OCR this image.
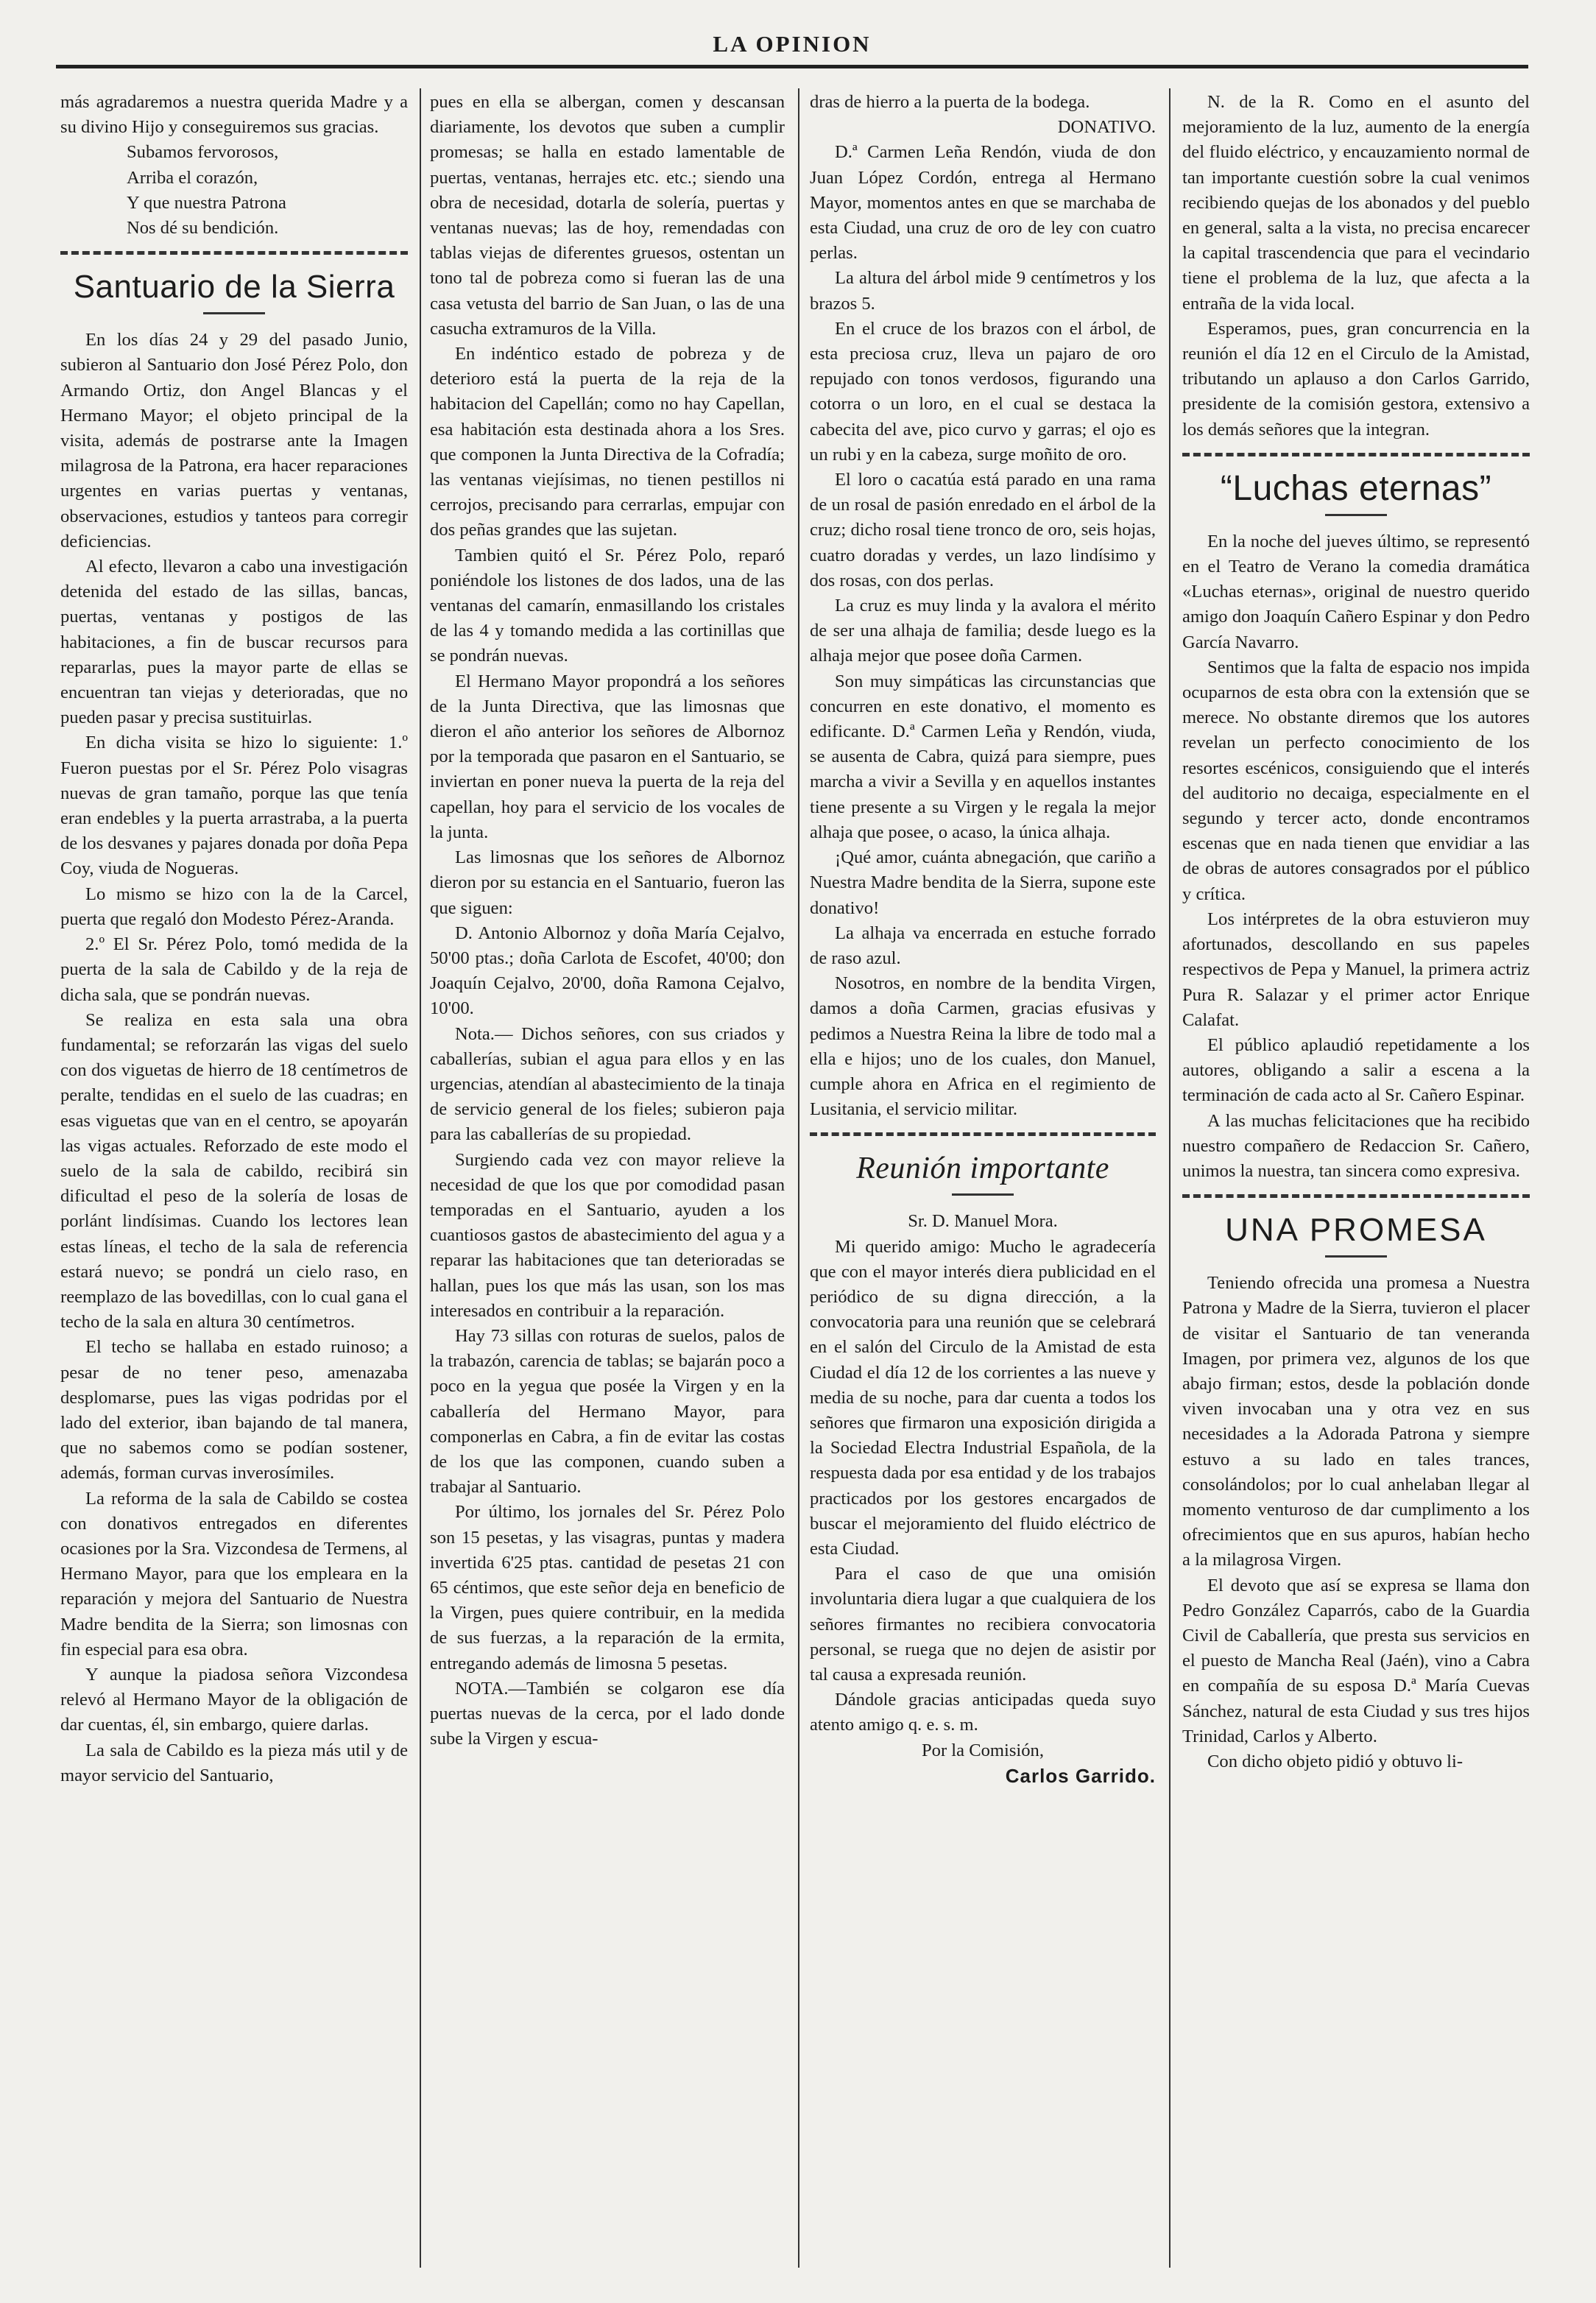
LA OPINION

más agradaremos a nuestra querida Madre y a su divino Hijo y conseguiremos sus gracias.

Subamos fervorosos,

Arriba el corazón,

Y que nuestra Patrona

Nos dé su bendición.

Santuario de la Sierra

En los días 24 y 29 del pasado Junio, subieron al Santuario don José Pérez Polo, don Armando Ortiz, don Angel Blancas y el Hermano Mayor; el objeto principal de la visita, además de postrarse ante la Imagen milagrosa de la Patrona, era hacer reparaciones urgentes en varias puertas y ventanas, observaciones, estudios y tanteos para corregir deficiencias.

Al efecto, llevaron a cabo una investigación detenida del estado de las sillas, bancas, puertas, ventanas y postigos de las habitaciones, a fin de buscar recursos para repararlas, pues la mayor parte de ellas se encuentran tan viejas y deterioradas, que no pueden pasar y precisa sustituirlas.

En dicha visita se hizo lo siguiente: 1.º Fueron puestas por el Sr. Pérez Polo visagras nuevas de gran tamaño, porque las que tenía eran endebles y la puerta arrastraba, a la puerta de los desvanes y pajares donada por doña Pepa Coy, viuda de Nogueras.

Lo mismo se hizo con la de la Carcel, puerta que regaló don Modesto Pérez-Aranda.

2.º El Sr. Pérez Polo, tomó medida de la puerta de la sala de Cabildo y de la reja de dicha sala, que se pondrán nuevas.

Se realiza en esta sala una obra fundamental; se reforzarán las vigas del suelo con dos viguetas de hierro de 18 centímetros de peralte, tendidas en el suelo de las cuadras; en esas viguetas que van en el centro, se apoyarán las vigas actuales. Reforzado de este modo el suelo de la sala de cabildo, recibirá sin dificultad el peso de la solería de losas de porlánt lindísimas. Cuando los lectores lean estas líneas, el techo de la sala de referencia estará nuevo; se pondrá un cielo raso, en reemplazo de las bovedillas, con lo cual gana el techo de la sala en altura 30 centímetros.

El techo se hallaba en estado ruinoso; a pesar de no tener peso, amenazaba desplomarse, pues las vigas podridas por el lado del exterior, iban bajando de tal manera, que no sabemos como se podían sostener, además, forman curvas inverosímiles.

La reforma de la sala de Cabildo se costea con donativos entregados en diferentes ocasiones por la Sra. Vizcondesa de Termens, al Hermano Mayor, para que los empleara en la reparación y mejora del Santuario de Nuestra Madre bendita de la Sierra; son limosnas con fin especial para esa obra.

Y aunque la piadosa señora Vizcondesa relevó al Hermano Mayor de la obligación de dar cuentas, él, sin embargo, quiere darlas.

La sala de Cabildo es la pieza más util y de mayor servicio del Santuario,

pues en ella se albergan, comen y descansan diariamente, los devotos que suben a cumplir promesas; se halla en estado lamentable de puertas, ventanas, herrajes etc. etc.; siendo una obra de necesidad, dotarla de solería, puertas y ventanas nuevas; las de hoy, remendadas con tablas viejas de diferentes gruesos, ostentan un tono tal de pobreza como si fueran las de una casa vetusta del barrio de San Juan, o las de una casucha extramuros de la Villa.

En indéntico estado de pobreza y de deterioro está la puerta de la reja de la habitacion del Capellán; como no hay Capellan, esa habitación esta destinada ahora a los Sres. que componen la Junta Directiva de la Cofradía; las ventanas viejísimas, no tienen pestillos ni cerrojos, precisando para cerrarlas, empujar con dos peñas grandes que las sujetan.

Tambien quitó el Sr. Pérez Polo, reparó poniéndole los listones de dos lados, una de las ventanas del camarín, enmasillando los cristales de las 4 y tomando medida a las cortinillas que se pondrán nuevas.

El Hermano Mayor propondrá a los señores de la Junta Directiva, que las limosnas que dieron el año anterior los señores de Albornoz por la temporada que pasaron en el Santuario, se inviertan en poner nueva la puerta de la reja del capellan, hoy para el servicio de los vocales de la junta.

Las limosnas que los señores de Albornoz dieron por su estancia en el Santuario, fueron las que siguen:

D. Antonio Albornoz y doña María Cejalvo, 50'00 ptas.; doña Carlota de Escofet, 40'00; don Joaquín Cejalvo, 20'00, doña Ramona Cejalvo, 10'00.

Nota.— Dichos señores, con sus criados y caballerías, subian el agua para ellos y en las urgencias, atendían al abastecimiento de la tinaja de servicio general de los fieles; subieron paja para las caballerías de su propiedad.

Surgiendo cada vez con mayor relieve la necesidad de que los que por comodidad pasan temporadas en el Santuario, ayuden a los cuantiosos gastos de abastecimiento del agua y a reparar las habitaciones que tan deterioradas se hallan, pues los que más las usan, son los mas interesados en contribuir a la reparación.

Hay 73 sillas con roturas de suelos, palos de la trabazón, carencia de tablas; se bajarán poco a poco en la yegua que posée la Virgen y en la caballería del Hermano Mayor, para componerlas en Cabra, a fin de evitar las costas de los que las componen, cuando suben a trabajar al Santuario.

Por último, los jornales del Sr. Pérez Polo son 15 pesetas, y las visagras, puntas y madera invertida 6'25 ptas. cantidad de pesetas 21 con 65 céntimos, que este señor deja en beneficio de la Virgen, pues quiere contribuir, en la medida de sus fuerzas, a la reparación de la ermita, entregando además de limosna 5 pesetas.

NOTA.—También se colgaron ese día puertas nuevas de la cerca, por el lado donde sube la Virgen y escua-

dras de hierro a la puerta de la bodega.

DONATIVO.

D.ª Carmen Leña Rendón, viuda de don Juan López Cordón, entrega al Hermano Mayor, momentos antes en que se marchaba de esta Ciudad, una cruz de oro de ley con cuatro perlas.

La altura del árbol mide 9 centímetros y los brazos 5.

En el cruce de los brazos con el árbol, de esta preciosa cruz, lleva un pajaro de oro repujado con tonos verdosos, figurando una cotorra o un loro, en el cual se destaca la cabecita del ave, pico curvo y garras; el ojo es un rubi y en la cabeza, surge moñito de oro.

El loro o cacatúa está parado en una rama de un rosal de pasión enredado en el árbol de la cruz; dicho rosal tiene tronco de oro, seis hojas, cuatro doradas y verdes, un lazo lindísimo y dos rosas, con dos perlas.

La cruz es muy linda y la avalora el mérito de ser una alhaja de familia; desde luego es la alhaja mejor que posee doña Carmen.

Son muy simpáticas las circunstancias que concurren en este donativo, el momento es edificante. D.ª Carmen Leña y Rendón, viuda, se ausenta de Cabra, quizá para siempre, pues marcha a vivir a Sevilla y en aquellos instantes tiene presente a su Virgen y le regala la mejor alhaja que posee, o acaso, la única alhaja.

¡Qué amor, cuánta abnegación, que cariño a Nuestra Madre bendita de la Sierra, supone este donativo!

La alhaja va encerrada en estuche forrado de raso azul.

Nosotros, en nombre de la bendita Virgen, damos a doña Carmen, gracias efusivas y pedimos a Nuestra Reina la libre de todo mal a ella e hijos; uno de los cuales, don Manuel, cumple ahora en Africa en el regimiento de Lusitania, el servicio militar.

Reunión importante

Sr. D. Manuel Mora.

Mi querido amigo: Mucho le agradecería que con el mayor interés diera publicidad en el periódico de su digna dirección, a la convocatoria para una reunión que se celebrará en el salón del Circulo de la Amistad de esta Ciudad el día 12 de los corrientes a las nueve y media de su noche, para dar cuenta a todos los señores que firmaron una exposición dirigida a la Sociedad Electra Industrial Española, de la respuesta dada por esa entidad y de los trabajos practicados por los gestores encargados de buscar el mejoramiento del fluido eléctrico de esta Ciudad.

Para el caso de que una omisión involuntaria diera lugar a que cualquiera de los señores firmantes no recibiera convocatoria personal, se ruega que no dejen de asistir por tal causa a expresada reunión.

Dándole gracias anticipadas queda suyo atento amigo q. e. s. m.

Por la Comisión,

Carlos Garrido.

N. de la R. Como en el asunto del mejoramiento de la luz, aumento de la energía del fluido eléctrico, y encauzamiento normal de tan importante cuestión sobre la cual venimos recibiendo quejas de los abonados y del pueblo en general, salta a la vista, no precisa encarecer la capital trascendencia que para el vecindario tiene el problema de la luz, que afecta a la entraña de la vida local.

Esperamos, pues, gran concurrencia en la reunión el día 12 en el Circulo de la Amistad, tributando un aplauso a don Carlos Garrido, presidente de la comisión gestora, extensivo a los demás señores que la integran.

“Luchas eternas”

En la noche del jueves último, se representó en el Teatro de Verano la comedia dramática «Luchas eternas», original de nuestro querido amigo don Joaquín Cañero Espinar y don Pedro García Navarro.

Sentimos que la falta de espacio nos impida ocuparnos de esta obra con la extensión que se merece. No obstante diremos que los autores revelan un perfecto conocimiento de los resortes escénicos, consiguiendo que el interés del auditorio no decaiga, especialmente en el segundo y tercer acto, donde encontramos escenas que en nada tienen que envidiar a las de obras de autores consagrados por el público y crítica.

Los intérpretes de la obra estuvieron muy afortunados, descollando en sus papeles respectivos de Pepa y Manuel, la primera actriz Pura R. Salazar y el primer actor Enrique Calafat.

El público aplaudió repetidamente a los autores, obligando a salir a escena a la terminación de cada acto al Sr. Cañero Espinar.

A las muchas felicitaciones que ha recibido nuestro compañero de Redaccion Sr. Cañero, unimos la nuestra, tan sincera como expresiva.

UNA PROMESA

Teniendo ofrecida una promesa a Nuestra Patrona y Madre de la Sierra, tuvieron el placer de visitar el Santuario de tan veneranda Imagen, por primera vez, algunos de los que abajo firman; estos, desde la población donde viven invocaban una y otra vez en sus necesidades a la Adorada Patrona y siempre estuvo a su lado en tales trances, consolándolos; por lo cual anhelaban llegar al momento venturoso de dar cumplimento a los ofrecimientos que en sus apuros, habían hecho a la milagrosa Virgen.

El devoto que así se expresa se llama don Pedro González Caparrós, cabo de la Guardia Civil de Caballería, que presta sus servicios en el puesto de Mancha Real (Jaén), vino a Cabra en compañía de su esposa D.ª María Cuevas Sánchez, natural de esta Ciudad y sus tres hijos Trinidad, Carlos y Alberto.

Con dicho objeto pidió y obtuvo li-
